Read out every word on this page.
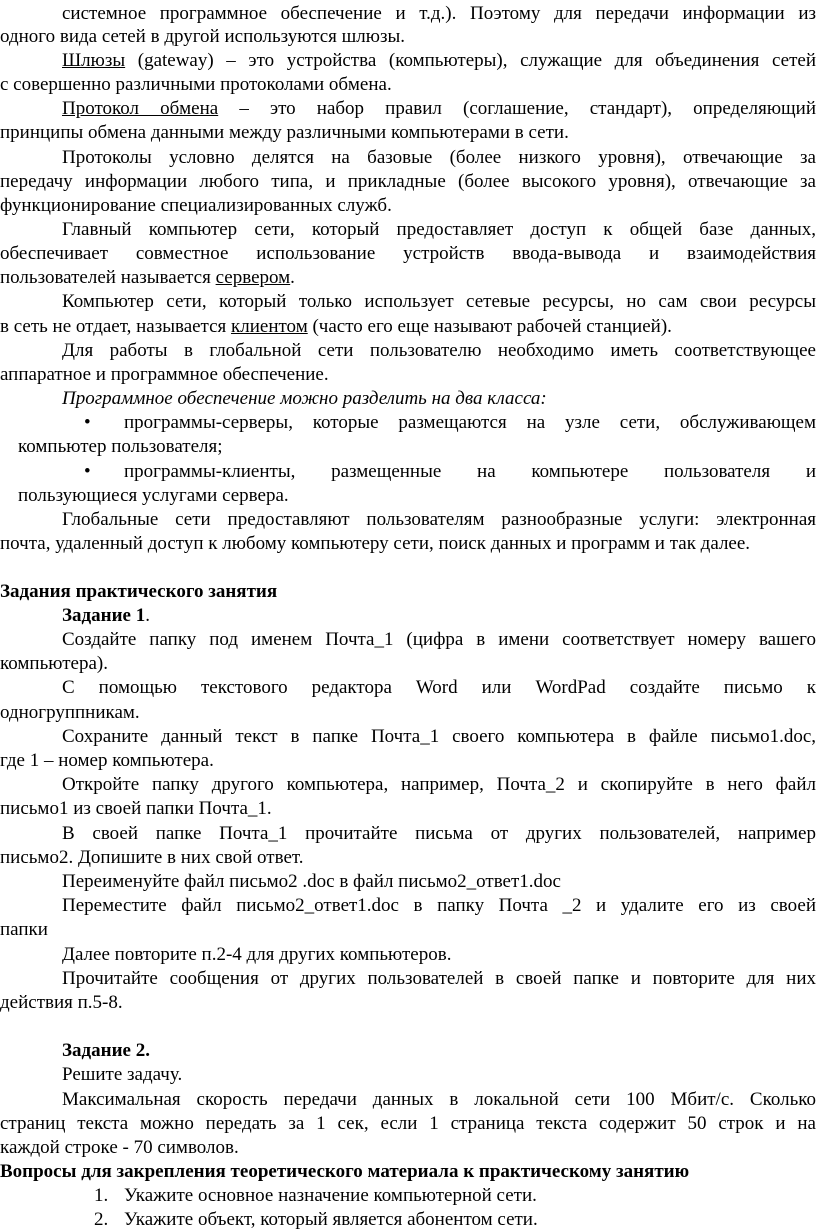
системное программное обеспечение и т.д.). Поэтому для передачи информации из
одного вида сетей в другой используются шлюзы.
Шлюзы (gateway) – это устройства (компьютеры), служащие для объединения сетей
с совершенно различными протоколами обмена.
Протокол обмена – это набор правил (соглашение, стандарт), определяющий
принципы обмена данными между различными компьютерами в сети.
Протоколы условно делятся на базовые (более низкого уровня), отвечающие за
передачу информации любого типа, и прикладные (более высокого уровня), отвечающие за
функционирование специализированных служб.
Главный компьютер сети, который предоставляет доступ к общей базе данных,
обеспечивает совместное использование устройств ввода-вывода и взаимодействия
пользователей называется сервером.
Компьютер сети, который только использует сетевые ресурсы, но сам свои ресурсы
в сеть не отдает, называется клиентом (часто его еще называют рабочей станцией).
Для работы в глобальной сети пользователю необходимо иметь соответствующее
аппаратное и программное обеспечение.
Программное обеспечение можно разделить на два класса:
•	программы-серверы, которые размещаются на узле сети, обслуживающем
компьютер пользователя;
•	программы-клиенты, размещенные на компьютере пользователя и
пользующиеся услугами сервера.
Глобальные сети предоставляют пользователям разнообразные услуги: электронная
почта, удаленный доступ к любому компьютеру сети, поиск данных и программ и так далее.
Задания практического занятия
Задание 1.
Создайте папку под именем Почта_1 (цифра в имени соответствует номеру вашего
компьютера).
С помощью текстового редактора Word или WordPad создайте письмо к
одногруппникам.
Сохраните данный текст в папке Почта_1 своего компьютера в файле письмо1.doc,
где 1 – номер компьютера.
Откройте папку другого компьютера, например, Почта_2 и скопируйте в него файл
письмо1 из своей папки Почта_1.
В своей папке Почта_1 прочитайте письма от других пользователей, например
письмо2. Допишите в них свой ответ.
Переименуйте файл письмо2 .doc в файл письмо2_ответ1.doc
Переместите файл письмо2_ответ1.doc в папку Почта _2 и удалите его из своей
папки
Далее повторите п.2-4 для других компьютеров.
Прочитайте сообщения от других пользователей в своей папке и повторите для них
действия п.5-8.
Задание 2.
Решите задачу.
Максимальная скорость передачи данных в локальной сети 100 Мбит/с. Сколько
страниц текста можно передать за 1 сек, если 1 страница текста содержит 50 строк и на
каждой строке - 70 символов.
Вопросы для закрепления теоретического материала к практическому занятию
1. Укажите основное назначение компьютерной сети.
2. Укажите объект, который является абонентом сети.
